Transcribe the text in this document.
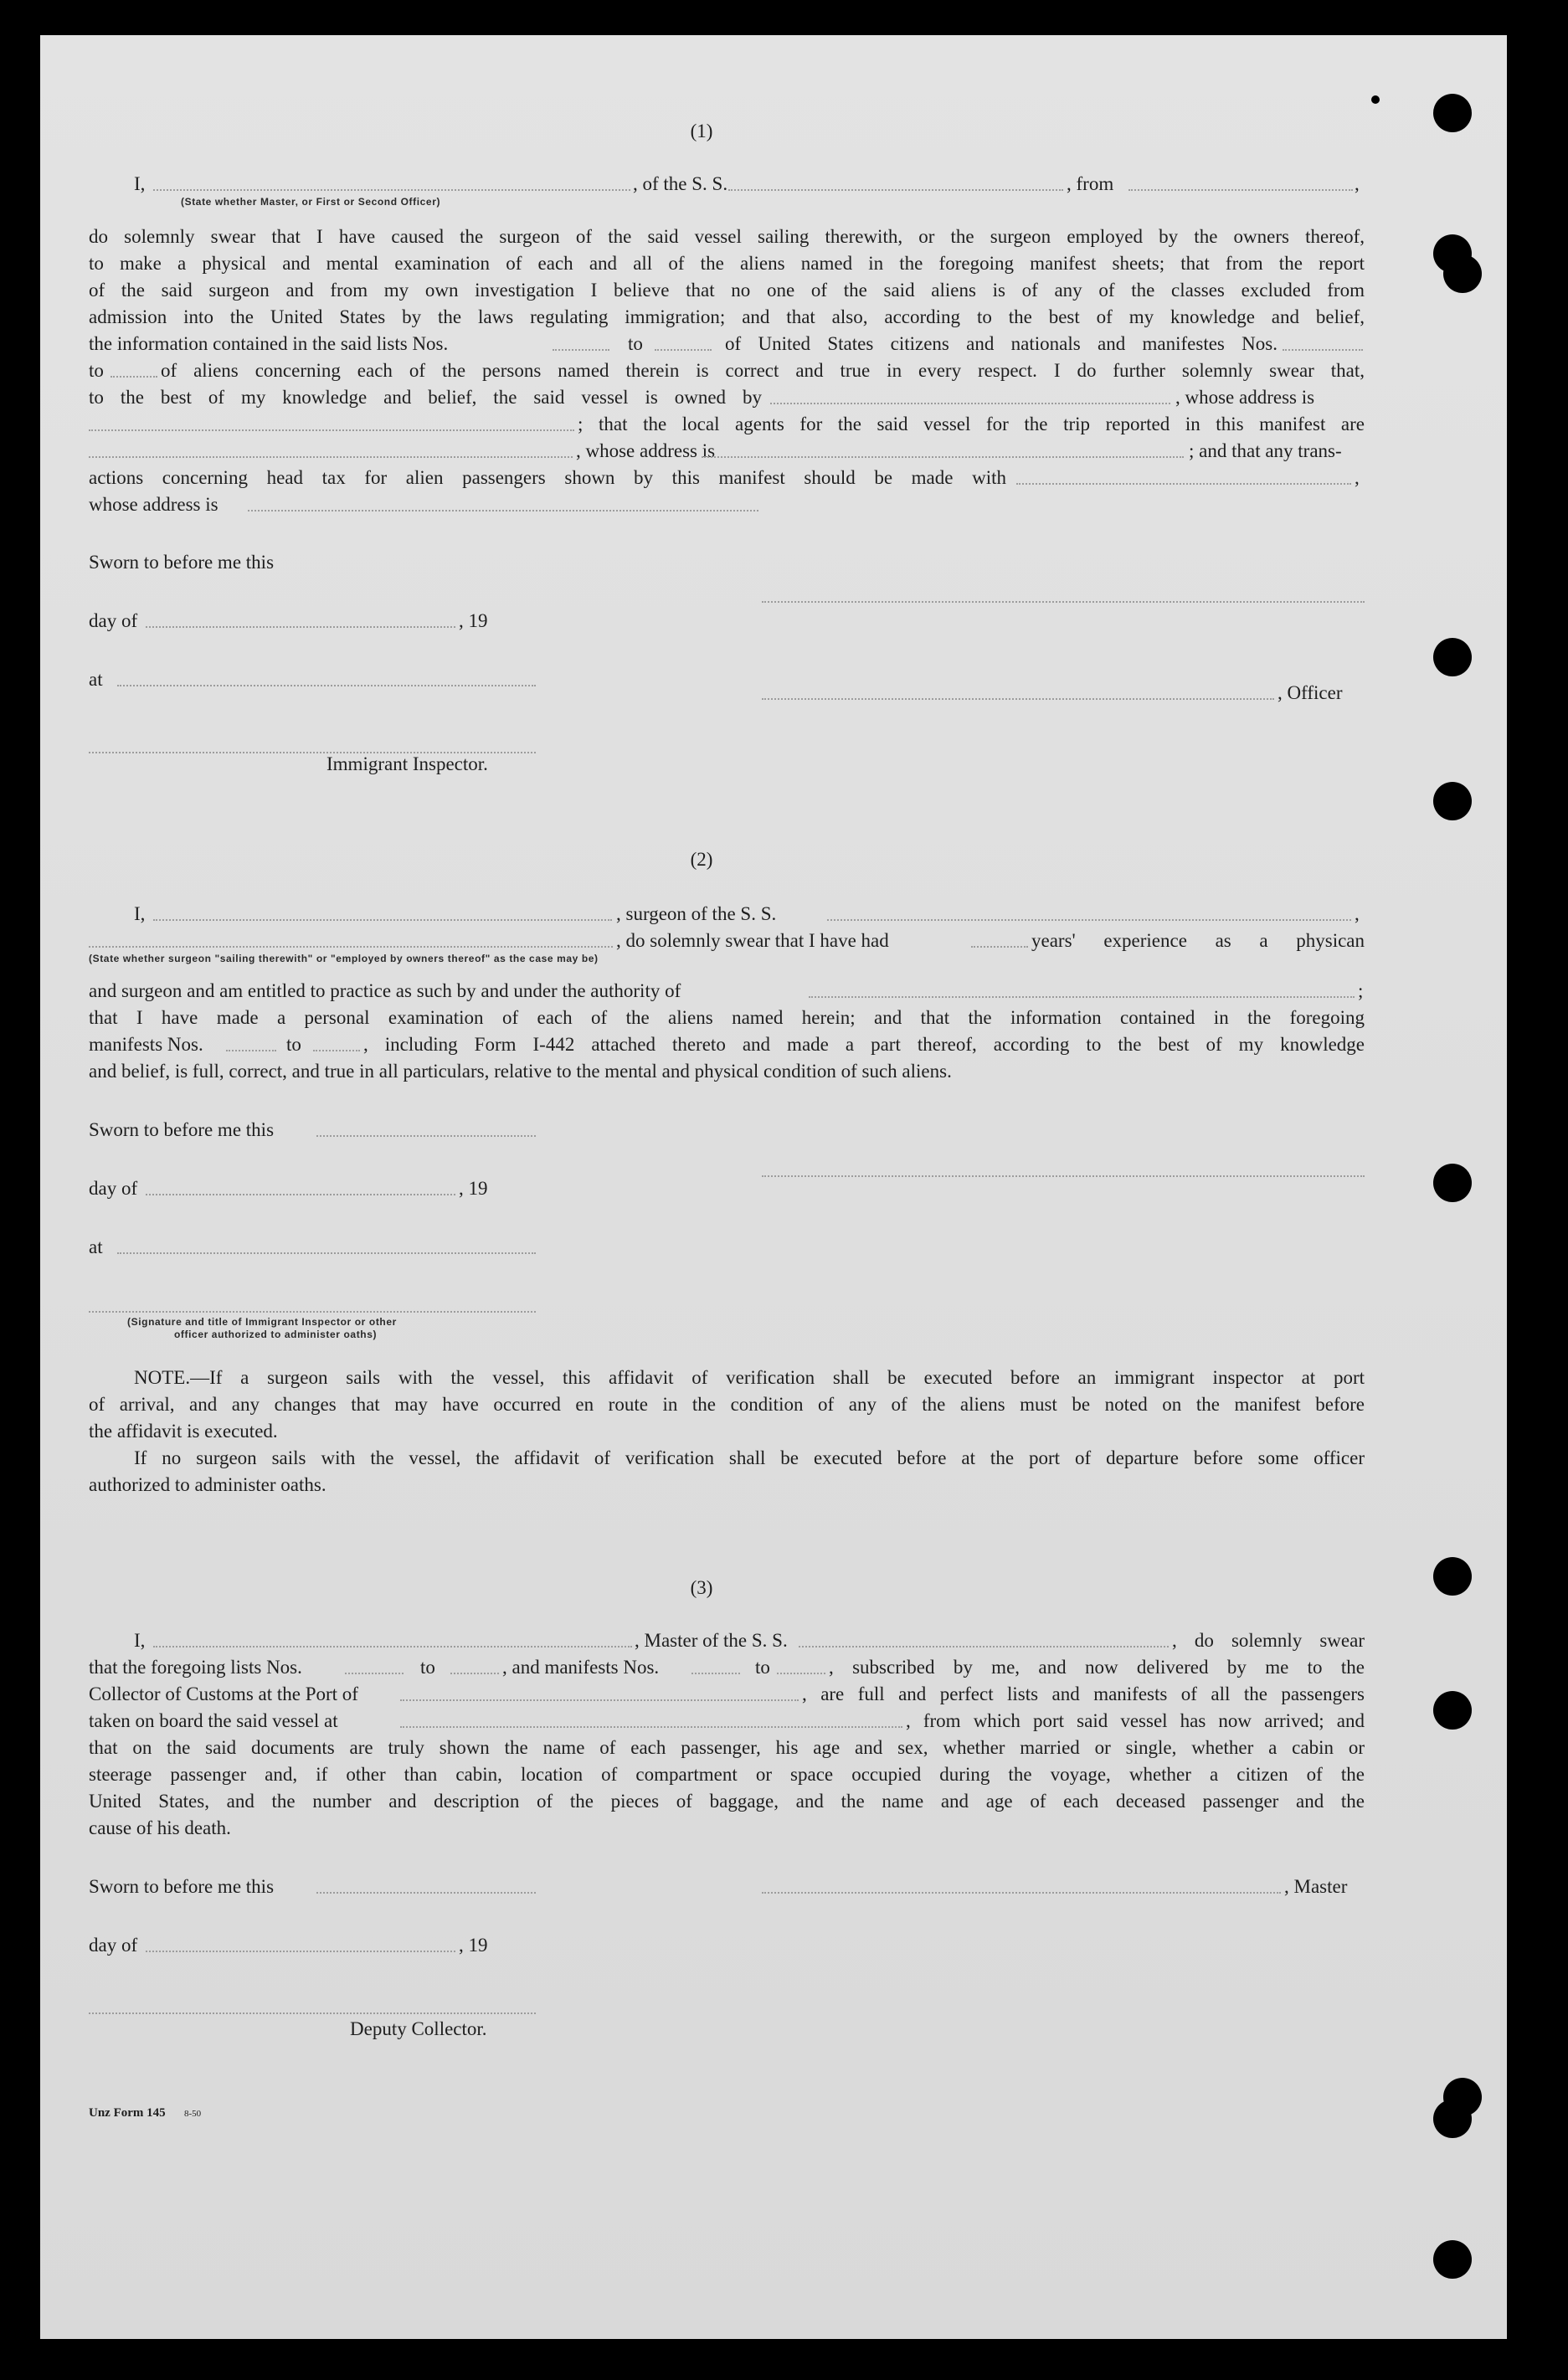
(1)
I,	, of the S. S.	, from	,
(State whether Master, or First or Second Officer)
do solemnly swear that I have caused the surgeon of the said vessel sailing therewith, or the surgeon employed by the owners thereof,
to make a physical and mental examination of each and all of the aliens named in the foregoing manifest sheets; that from the report
of the said surgeon and from my own investigation I believe that no one of the said aliens is of any of the classes excluded from
admission into the United States by the laws regulating immigration; and that also, according to the best of my knowledge and belief,
the information contained in the said lists Nos.	to	of United States citizens and nationals and manifestes Nos.
to	of aliens concerning each of the persons named therein is correct and true in every respect. I do further solemnly swear that,
to the best of my knowledge and belief, the said vessel is owned by	, whose address is
; that the local agents for the said vessel for the trip reported in this manifest are
, whose address is	; and that any trans-
actions concerning head tax for alien passengers shown by this manifest should be made with	,
whose address is
Sworn to before me this
day of	, 19
at
, Officer
Immigrant Inspector.
(2)
I,	, surgeon of the S. S.	,
, do solemnly swear that I have had	years' experience as a physican
(State whether surgeon "sailing therewith" or "employed by owners thereof" as the case may be)
and surgeon and am entitled to practice as such by and under the authority of	;
that I have made a personal examination of each of the aliens named herein; and that the information contained in the foregoing
manifests Nos.	to	, including Form I-442 attached thereto and made a part thereof, according to the best of my knowledge
and belief, is full, correct, and true in all particulars, relative to the mental and physical condition of such aliens.
Sworn to before me this
day of	, 19
at
(Signature and title of Immigrant Inspector or other
officer authorized to administer oaths)
NOTE.—If a surgeon sails with the vessel, this affidavit of verification shall be executed before an immigrant inspector at port
of arrival, and any changes that may have occurred en route in the condition of any of the aliens must be noted on the manifest before
the affidavit is executed.
If no surgeon sails with the vessel, the affidavit of verification shall be executed before at the port of departure before some officer
authorized to administer oaths.
(3)
I,	, Master of the S. S.	, do solemnly swear
that the foregoing lists Nos.	to	, and manifests Nos.	to	, subscribed by me, and now delivered by me to the
Collector of Customs at the Port of	, are full and perfect lists and manifests of all the passengers
taken on board the said vessel at	, from which port said vessel has now arrived; and
that on the said documents are truly shown the name of each passenger, his age and sex, whether married or single, whether a cabin or
steerage passenger and, if other than cabin, location of compartment or space occupied during the voyage, whether a citizen of the
United States, and the number and description of the pieces of baggage, and the name and age of each deceased passenger and the
cause of his death.
Sworn to before me this	, Master
day of	, 19
Deputy Collector.
Unz Form 145 8-50
